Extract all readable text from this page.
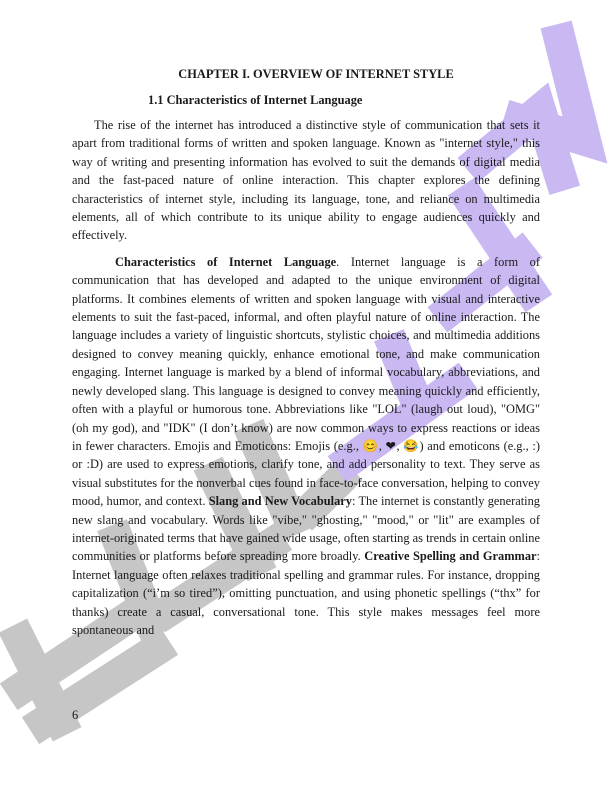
CHAPTER I. OVERVIEW OF INTERNET STYLE
1.1 Characteristics of Internet Language

The rise of the internet has introduced a distinctive style of communication that sets it apart from traditional forms of written and spoken language. Known as "internet style," this way of writing and presenting information has evolved to suit the demands of digital media and the fast-paced nature of online interaction. This chapter explores the defining characteristics of internet style, including its language, tone, and reliance on multimedia elements, all of which contribute to its unique ability to engage audiences quickly and effectively.

Characteristics of Internet Language. Internet language is a form of communication that has developed and adapted to the unique environment of digital platforms. It combines elements of written and spoken language with visual and interactive elements to suit the fast-paced, informal, and often playful nature of online interaction. The language includes a variety of linguistic shortcuts, stylistic choices, and multimedia additions designed to convey meaning quickly, enhance emotional tone, and make communication engaging. Internet language is marked by a blend of informal vocabulary, abbreviations, and newly developed slang. This language is designed to convey meaning quickly and efficiently, often with a playful or humorous tone. Abbreviations like "LOL" (laugh out loud), "OMG" (oh my god), and "IDK" (I don’t know) are now common ways to express reactions or ideas in fewer characters. Emojis and Emoticons: Emojis (e.g., 😊, ❤, 😂) and emoticons (e.g., :) or :D) are used to express emotions, clarify tone, and add personality to text. They serve as visual substitutes for the nonverbal cues found in face-to-face conversation, helping to convey mood, humor, and context. Slang and New Vocabulary: The internet is constantly generating new slang and vocabulary. Words like "vibe," "ghosting," "mood," or "lit" are examples of internet-originated terms that have gained wide usage, often starting as trends in certain online communities or platforms before spreading more broadly. Creative Spelling and Grammar: Internet language often relaxes traditional spelling and grammar rules. For instance, dropping capitalization (“i’m so tired”), omitting punctuation, and using phonetic spellings (“thx” for thanks) create a casual, conversational tone. This style makes messages feel more spontaneous and

6
